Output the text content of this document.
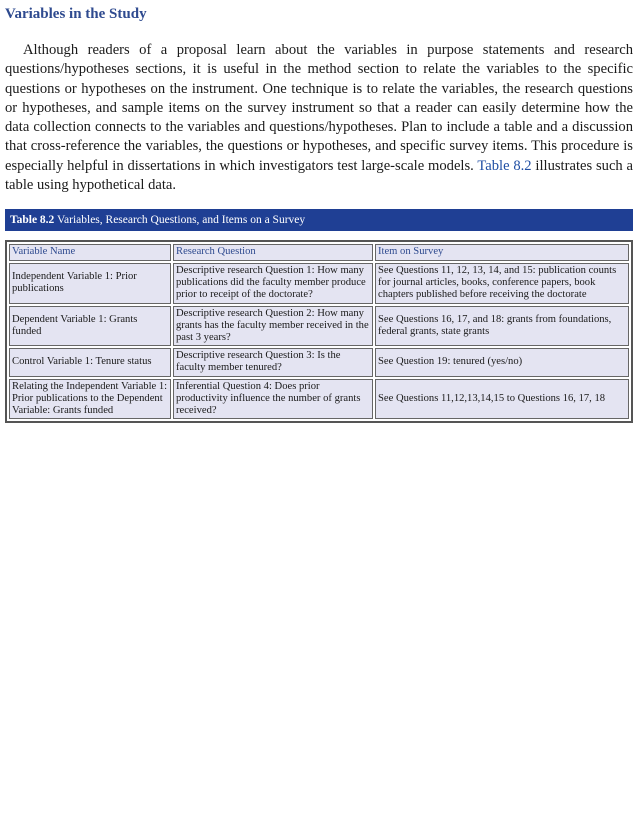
Variables in the Study

Although readers of a proposal learn about the variables in purpose statements and research questions/hypotheses sections, it is useful in the method section to relate the variables to the specific questions or hypotheses on the instrument. One technique is to relate the variables, the research questions or hypotheses, and sample items on the survey instrument so that a reader can easily determine how the data collection connects to the variables and questions/hypotheses. Plan to include a table and a discussion that cross-reference the variables, the questions or hypotheses, and specific survey items. This procedure is especially helpful in dissertations in which investigators test large-scale models. Table 8.2 illustrates such a table using hypothetical data.

Table 8.2 Variables, Research Questions, and Items on a Survey
Variable Name	Research Question	Item on Survey
Independent Variable 1: Prior publications	Descriptive research Question 1: How many publications did the faculty member produce prior to receipt of the doctorate?	See Questions 11, 12, 13, 14, and 15: publication counts for journal articles, books, conference papers, book chapters published before receiving the doctorate
Dependent Variable 1: Grants funded	Descriptive research Question 2: How many grants has the faculty member received in the past 3 years?	See Questions 16, 17, and 18: grants from foundations, federal grants, state grants
Control Variable 1: Tenure status	Descriptive research Question 3: Is the faculty member tenured?	See Question 19: tenured (yes/no)
Relating the Independent Variable 1: Prior publications to the Dependent Variable: Grants funded	Inferential Question 4: Does prior productivity influence the number of grants received?	See Questions 11,12,13,14,15 to Questions 16, 17, 18
